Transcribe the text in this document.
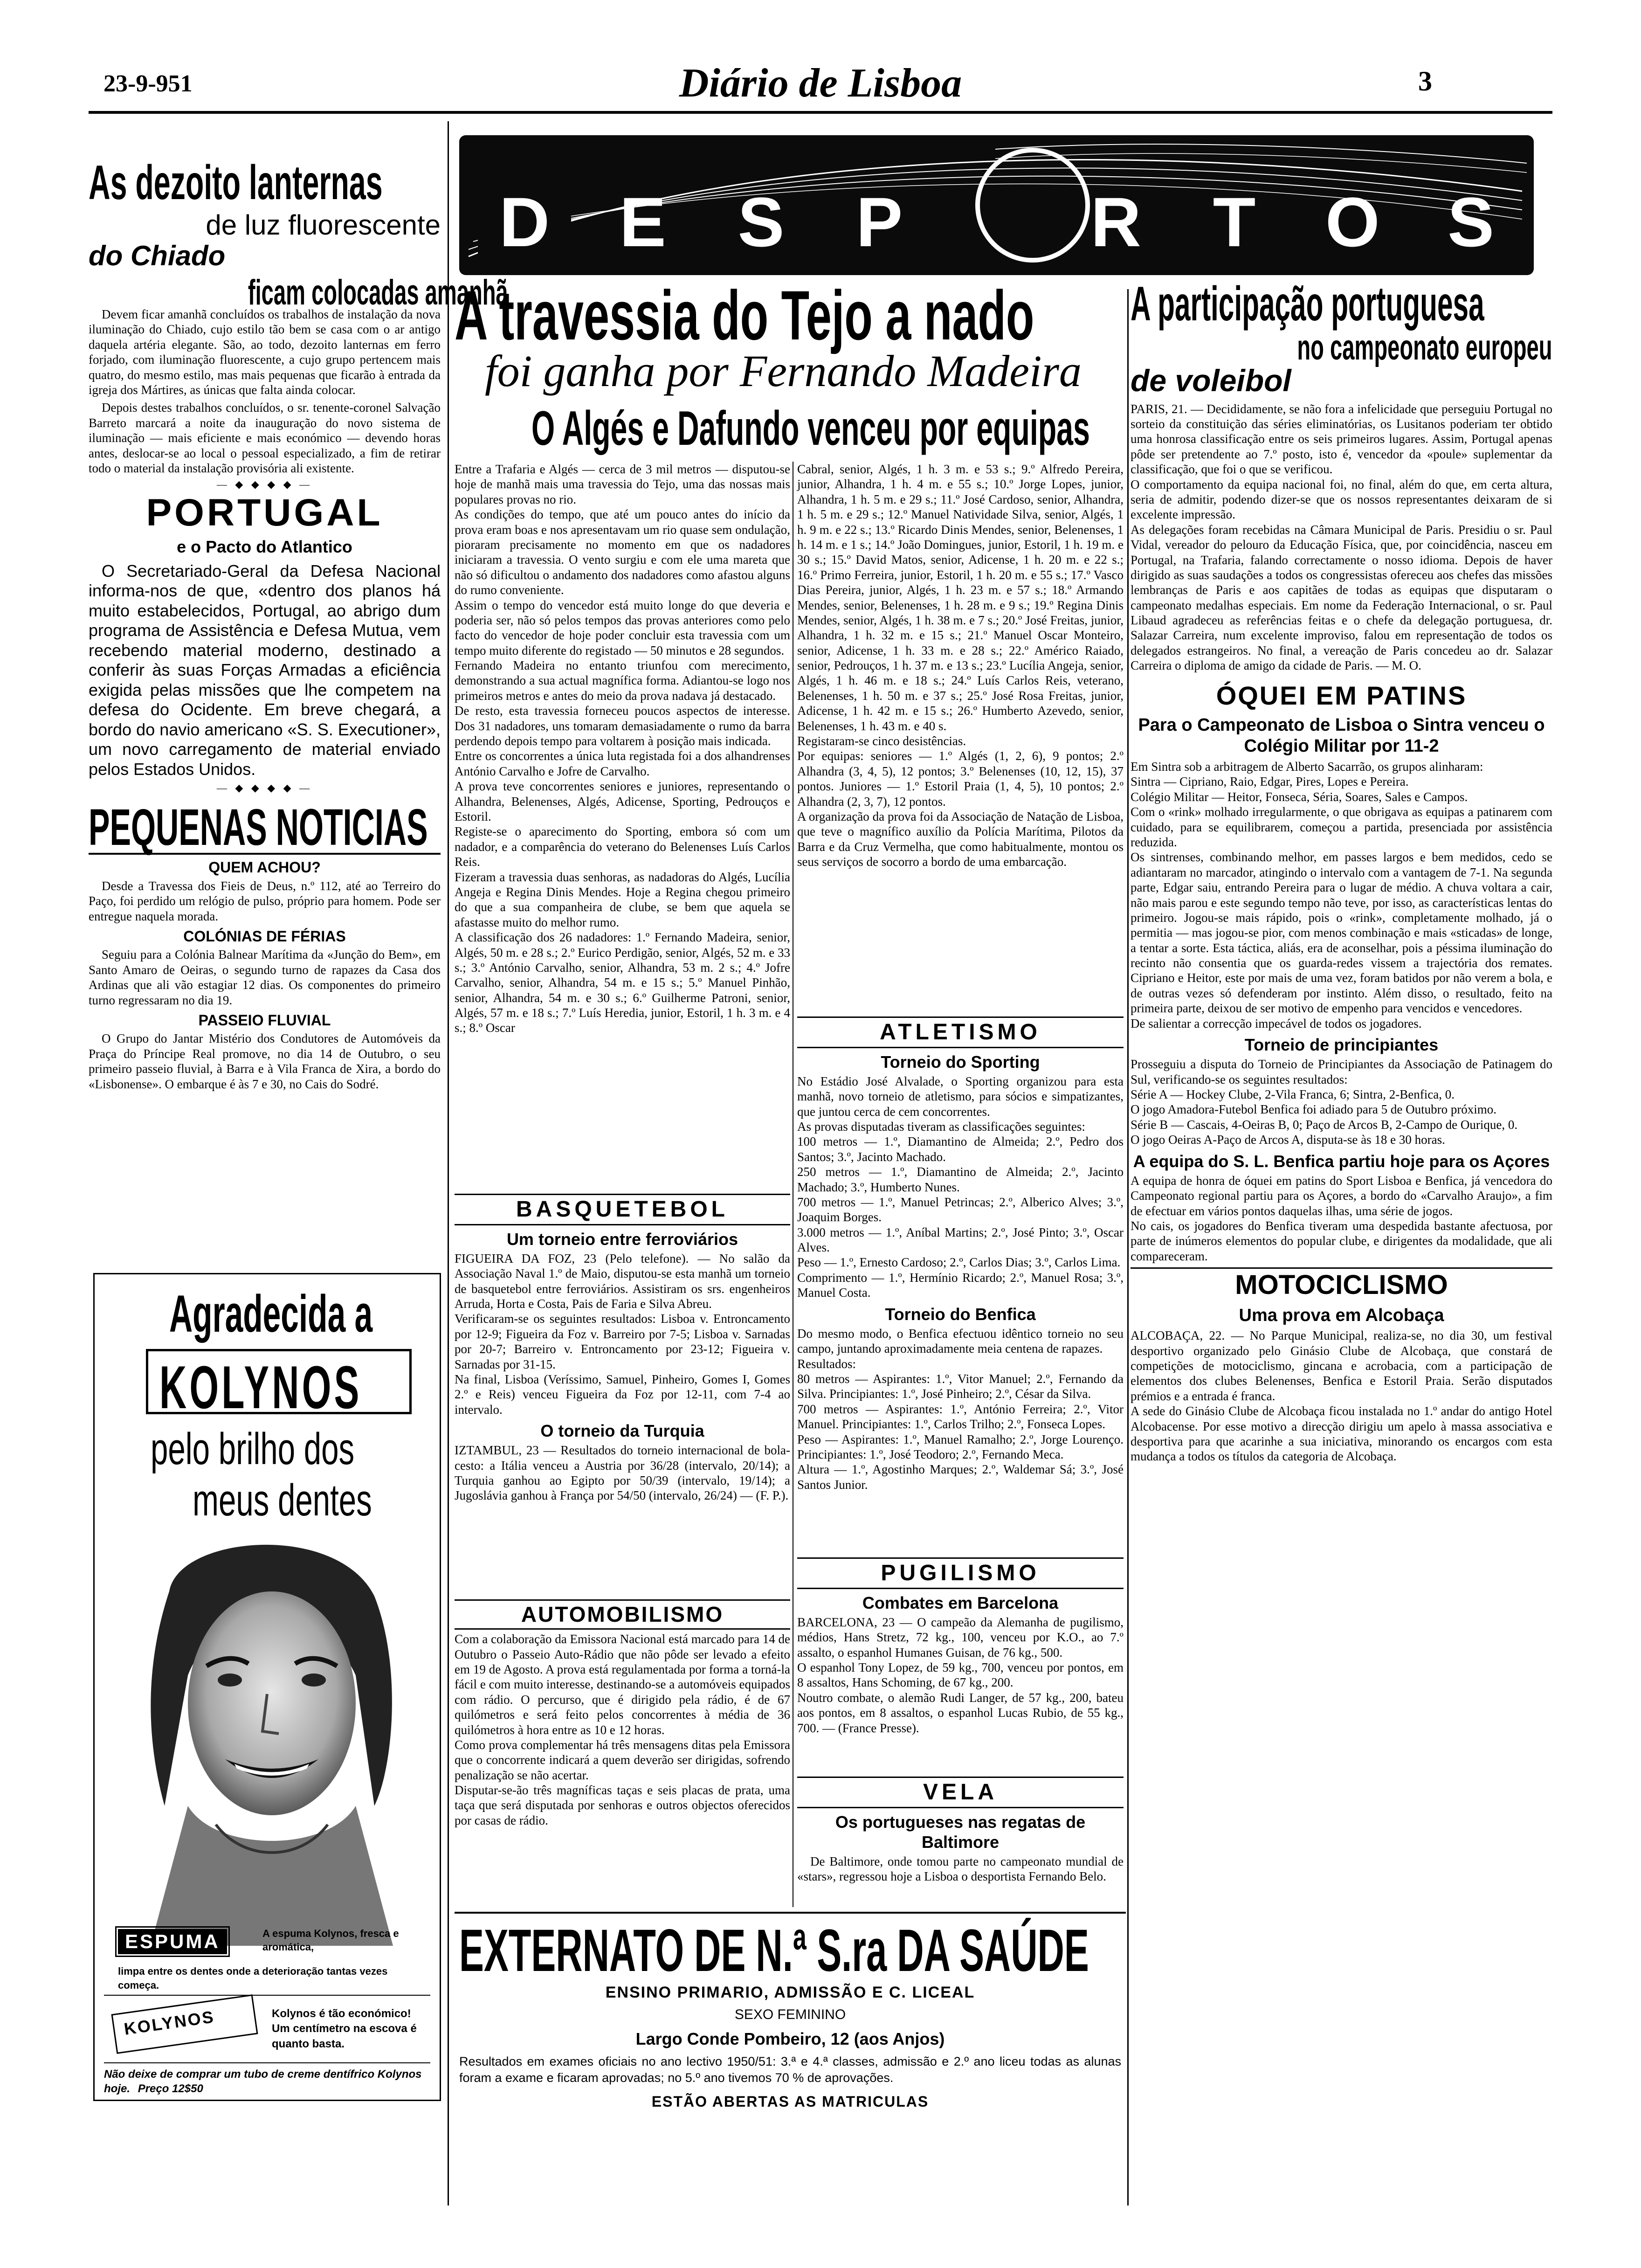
23-9-951	Diário de Lisboa	3
D E	S	P	R	T O S
As dezoito lanternas
de luz fluorescente
do Chiado
ficam colocadas amanhã

Devem ficar amanhã concluídos os trabalhos de instalação da nova iluminação do Chiado, cujo estilo tão bem se casa com o ar antigo daquela artéria elegante. São, ao todo, dezoito lanternas em ferro forjado, com iluminação fluorescente, a cujo grupo pertencem mais quatro, do mesmo estilo, mas mais pequenas que ficarão à entrada da igreja dos Mártires, as únicas que falta ainda colocar.

Depois destes trabalhos concluídos, o sr. tenente-coronel Salvação Barreto marcará a noite da inauguração do novo sistema de iluminação — mais eficiente e mais económico — devendo horas antes, deslocar-se ao local o pessoal especializado, a fim de retirar todo o material da instalação provisória ali existente.

— ◆ ◆ ◆ ◆ —
PORTUGAL
e o Pacto do Atlantico

O Secretariado-Geral da Defesa Nacional informa-nos de que, «dentro dos planos há muito estabelecidos, Portugal, ao abrigo dum programa de Assistência e Defesa Mutua, vem recebendo material moderno, destinado a conferir às suas Forças Armadas a eficiência exigida pelas missões que lhe competem na defesa do Ocidente. Em breve chegará, a bordo do navio americano «S. S. Executioner», um novo carregamento de material enviado pelos Estados Unidos.

— ◆ ◆ ◆ ◆ —
PEQUENAS NOTICIAS
QUEM ACHOU?

Desde a Travessa dos Fieis de Deus, n.º 112, até ao Terreiro do Paço, foi perdido um relógio de pulso, próprio para homem. Pode ser entregue naquela morada.

COLÓNIAS DE FÉRIAS

Seguiu para a Colónia Balnear Marítima da «Junção do Bem», em Santo Amaro de Oeiras, o segundo turno de rapazes da Casa dos Ardinas que ali vão estagiar 12 dias. Os componentes do primeiro turno regressaram no dia 19.

PASSEIO FLUVIAL

O Grupo do Jantar Mistério dos Condutores de Automóveis da Praça do Príncipe Real promove, no dia 14 de Outubro, o seu primeiro passeio fluvial, à Barra e à Vila Franca de Xira, a bordo do «Lisbonense». O embarque é às 7 e 30, no Cais do Sodré.

Agradecida a
KOLYNOS
pelo brilho dos
meus dentes
ESPUMA	A espuma Kolynos, fresca e aromática,
limpa entre os dentes onde a deterioração tantas vezes começa.
KOLYNOS	Kolynos é tão económico! Um centímetro na escova é quanto basta.
Não deixe de comprar um tubo de creme dentífrico Kolynos hoje. Preço 12$50
A travessia do Tejo a nado
foi ganha por Fernando Madeira
O Algés e Dafundo venceu por equipas

Entre a Trafaria e Algés — cerca de 3 mil metros — disputou-se hoje de manhã mais uma travessia do Tejo, uma das nossas mais populares provas no rio.
As condições do tempo, que até um pouco antes do início da prova eram boas e nos apresentavam um rio quase sem ondulação, pioraram precisamente no momento em que os nadadores iniciaram a travessia. O vento surgiu e com ele uma mareta que não só dificultou o andamento dos nadadores como afastou alguns do rumo conveniente.
Assim o tempo do vencedor está muito longe do que deveria e poderia ser, não só pelos tempos das provas anteriores como pelo facto do vencedor de hoje poder concluir esta travessia com um tempo muito diferente do registado — 50 minutos e 28 segundos.
Fernando Madeira no entanto triunfou com merecimento, demonstrando a sua actual magnífica forma. Adiantou-se logo nos primeiros metros e antes do meio da prova nadava já destacado.
De resto, esta travessia forneceu poucos aspectos de interesse. Dos 31 nadadores, uns tomaram demasiadamente o rumo da barra perdendo depois tempo para voltarem à posição mais indicada.
Entre os concorrentes a única luta registada foi a dos alhandrenses António Carvalho e Jofre de Carvalho.
A prova teve concorrentes seniores e juniores, representando o Alhandra, Belenenses, Algés, Adicense, Sporting, Pedrouços e Estoril.
Registe-se o aparecimento do Sporting, embora só com um nadador, e a comparência do veterano do Belenenses Luís Carlos Reis.
Fizeram a travessia duas senhoras, as nadadoras do Algés, Lucília Angeja e Regina Dinis Mendes. Hoje a Regina chegou primeiro do que a sua companheira de clube, se bem que aquela se afastasse muito do melhor rumo.
A classificação dos 26 nadadores: 1.º Fernando Madeira, senior, Algés, 50 m. e 28 s.; 2.º Eurico Perdigão, senior, Algés, 52 m. e 33 s.; 3.º António Carvalho, senior, Alhandra, 53 m. 2 s.; 4.º Jofre Carvalho, senior, Alhandra, 54 m. e 15 s.; 5.º Manuel Pinhão, senior, Alhandra, 54 m. e 30 s.; 6.º Guilherme Patroni, senior, Algés, 57 m. e 18 s.; 7.º Luís Heredia, junior, Estoril, 1 h. 3 m. e 4 s.; 8.º Oscar

Cabral, senior, Algés, 1 h. 3 m. e 53 s.; 9.º Alfredo Pereira, junior, Alhandra, 1 h. 4 m. e 55 s.; 10.º Jorge Lopes, junior, Alhandra, 1 h. 5 m. e 29 s.; 11.º José Cardoso, senior, Alhandra, 1 h. 5 m. e 29 s.; 12.º Manuel Natividade Silva, senior, Algés, 1 h. 9 m. e 22 s.; 13.º Ricardo Dinis Mendes, senior, Belenenses, 1 h. 14 m. e 1 s.; 14.º João Domingues, junior, Estoril, 1 h. 19 m. e 30 s.; 15.º David Matos, senior, Adicense, 1 h. 20 m. e 22 s.; 16.º Primo Ferreira, junior, Estoril, 1 h. 20 m. e 55 s.; 17.º Vasco Dias Pereira, junior, Algés, 1 h. 23 m. e 57 s.; 18.º Armando Mendes, senior, Belenenses, 1 h. 28 m. e 9 s.; 19.º Regina Dinis Mendes, senior, Algés, 1 h. 38 m. e 7 s.; 20.º José Freitas, junior, Alhandra, 1 h. 32 m. e 15 s.; 21.º Manuel Oscar Monteiro, senior, Adicense, 1 h. 33 m. e 28 s.; 22.º Américo Raiado, senior, Pedrouços, 1 h. 37 m. e 13 s.; 23.º Lucília Angeja, senior, Algés, 1 h. 46 m. e 18 s.; 24.º Luís Carlos Reis, veterano, Belenenses, 1 h. 50 m. e 37 s.; 25.º José Rosa Freitas, junior, Adicense, 1 h. 42 m. e 15 s.; 26.º Humberto Azevedo, senior, Belenenses, 1 h. 43 m. e 40 s.
Registaram-se cinco desistências.
Por equipas: seniores — 1.º Algés (1, 2, 6), 9 pontos; 2.º Alhandra (3, 4, 5), 12 pontos; 3.º Belenenses (10, 12, 15), 37 pontos. Juniores — 1.º Estoril Praia (1, 4, 5), 10 pontos; 2.º Alhandra (2, 3, 7), 12 pontos.
A organização da prova foi da Associação de Natação de Lisboa, que teve o magnífico auxílio da Polícia Marítima, Pilotos da Barra e da Cruz Vermelha, que como habitualmente, montou os seus serviços de socorro a bordo de uma embarcação.

BASQUETEBOL
Um torneio entre ferroviários

FIGUEIRA DA FOZ, 23 (Pelo telefone). — No salão da Associação Naval 1.º de Maio, disputou-se esta manhã um torneio de basquetebol entre ferroviários. Assistiram os srs. engenheiros Arruda, Horta e Costa, Pais de Faria e Silva Abreu.
Verificaram-se os seguintes resultados: Lisboa v. Entroncamento por 12-9; Figueira da Foz v. Barreiro por 7-5; Lisboa v. Sarnadas por 20-7; Barreiro v. Entroncamento por 23-12; Figueira v. Sarnadas por 31-15.
Na final, Lisboa (Veríssimo, Samuel, Pinheiro, Gomes I, Gomes 2.º e Reis) venceu Figueira da Foz por 12-11, com 7-4 ao intervalo.

O torneio da Turquia

IZTAMBUL, 23 — Resultados do torneio internacional de bola-cesto: a Itália venceu a Austria por 36/28 (intervalo, 20/14); a Turquia ganhou ao Egipto por 50/39 (intervalo, 19/14); a Jugoslávia ganhou à França por 54/50 (intervalo, 26/24) — (F. P.).

AUTOMOBILISMO

Com a colaboração da Emissora Nacional está marcado para 14 de Outubro o Passeio Auto-Rádio que não pôde ser levado a efeito em 19 de Agosto. A prova está regulamentada por forma a torná-la fácil e com muito interesse, destinando-se a automóveis equipados com rádio. O percurso, que é dirigido pela rádio, é de 67 quilómetros e será feito pelos concorrentes à média de 36 quilómetros à hora entre as 10 e 12 horas.
Como prova complementar há três mensagens ditas pela Emissora que o concorrente indicará a quem deverão ser dirigidas, sofrendo penalização se não acertar.
Disputar-se-ão três magníficas taças e seis placas de prata, uma taça que será disputada por senhoras e outros objectos oferecidos por casas de rádio.

ATLETISMO
Torneio do Sporting

No Estádio José Alvalade, o Sporting organizou para esta manhã, novo torneio de atletismo, para sócios e simpatizantes, que juntou cerca de cem concorrentes.
As provas disputadas tiveram as classificações seguintes:
100 metros — 1.º, Diamantino de Almeida; 2.º, Pedro dos Santos; 3.º, Jacinto Machado.
250 metros — 1.º, Diamantino de Almeida; 2.º, Jacinto Machado; 3.º, Humberto Nunes.
700 metros — 1.º, Manuel Petrincas; 2.º, Alberico Alves; 3.º, Joaquim Borges.
3.000 metros — 1.º, Aníbal Martins; 2.º, José Pinto; 3.º, Oscar Alves.
Peso — 1.º, Ernesto Cardoso; 2.º, Carlos Dias; 3.º, Carlos Lima.
Comprimento — 1.º, Hermínio Ricardo; 2.º, Manuel Rosa; 3.º, Manuel Costa.

Torneio do Benfica

Do mesmo modo, o Benfica efectuou idêntico torneio no seu campo, juntando aproximadamente meia centena de rapazes.
Resultados:
80 metros — Aspirantes: 1.º, Vitor Manuel; 2.º, Fernando da Silva. Principiantes: 1.º, José Pinheiro; 2.º, César da Silva.
700 metros — Aspirantes: 1.º, António Ferreira; 2.º, Vitor Manuel. Principiantes: 1.º, Carlos Trilho; 2.º, Fonseca Lopes.
Peso — Aspirantes: 1.º, Manuel Ramalho; 2.º, Jorge Lourenço. Principiantes: 1.º, José Teodoro; 2.º, Fernando Meca.
Altura — 1.º, Agostinho Marques; 2.º, Waldemar Sá; 3.º, José Santos Junior.

PUGILISMO
Combates em Barcelona

BARCELONA, 23 — O campeão da Alemanha de pugilismo, médios, Hans Stretz, 72 kg., 100, venceu por K.O., ao 7.º assalto, o espanhol Humanes Guisan, de 76 kg., 500.
O espanhol Tony Lopez, de 59 kg., 700, venceu por pontos, em 8 assaltos, Hans Schoming, de 67 kg., 200.
Noutro combate, o alemão Rudi Langer, de 57 kg., 200, bateu aos pontos, em 8 assaltos, o espanhol Lucas Rubio, de 55 kg., 700. — (France Presse).

VELA
Os portugueses nas regatas de Baltimore

De Baltimore, onde tomou parte no campeonato mundial de «stars», regressou hoje a Lisboa o desportista Fernando Belo.

EXTERNATO DE N.ª S.ra DA SAÚDE
ENSINO PRIMARIO, ADMISSÃO E C. LICEAL
SEXO FEMININO
Largo Conde Pombeiro, 12 (aos Anjos)
Resultados em exames oficiais no ano lectivo 1950/51: 3.ª e 4.ª classes, admissão e 2.º ano liceu todas as alunas foram a exame e ficaram aprovadas; no 5.º ano tivemos 70 % de aprovações.
ESTÃO ABERTAS AS MATRICULAS
A participação portuguesa
no campeonato europeu
de voleibol

PARIS, 21. — Decididamente, se não fora a infelicidade que perseguiu Portugal no sorteio da constituição das séries eliminatórias, os Lusitanos poderiam ter obtido uma honrosa classificação entre os seis primeiros lugares. Assim, Portugal apenas pôde ser pretendente ao 7.º posto, isto é, vencedor da «poule» suplementar da classificação, que foi o que se verificou.
O comportamento da equipa nacional foi, no final, além do que, em certa altura, seria de admitir, podendo dizer-se que os nossos representantes deixaram de si excelente impressão.
As delegações foram recebidas na Câmara Municipal de Paris. Presidiu o sr. Paul Vidal, vereador do pelouro da Educação Física, que, por coincidência, nasceu em Portugal, na Trafaria, falando correctamente o nosso idioma. Depois de haver dirigido as suas saudações a todos os congressistas ofereceu aos chefes das missões lembranças de Paris e aos capitães de todas as equipas que disputaram o campeonato medalhas especiais. Em nome da Federação Internacional, o sr. Paul Libaud agradeceu as referências feitas e o chefe da delegação portuguesa, dr. Salazar Carreira, num excelente improviso, falou em representação de todos os delegados estrangeiros. No final, a vereação de Paris concedeu ao dr. Salazar Carreira o diploma de amigo da cidade de Paris. — M. O.

ÓQUEI EM PATINS
Para o Campeonato de Lisboa o Sintra venceu o Colégio Militar por 11-2

Em Sintra sob a arbitragem de Alberto Sacarrão, os grupos alinharam:
Sintra — Cipriano, Raio, Edgar, Pires, Lopes e Pereira.
Colégio Militar — Heitor, Fonseca, Séria, Soares, Sales e Campos.
Com o «rink» molhado irregularmente, o que obrigava as equipas a patinarem com cuidado, para se equilibrarem, começou a partida, presenciada por assistência reduzida.
Os sintrenses, combinando melhor, em passes largos e bem medidos, cedo se adiantaram no marcador, atingindo o intervalo com a vantagem de 7-1. Na segunda parte, Edgar saiu, entrando Pereira para o lugar de médio. A chuva voltara a cair, não mais parou e este segundo tempo não teve, por isso, as características lentas do primeiro. Jogou-se mais rápido, pois o «rink», completamente molhado, já o permitia — mas jogou-se pior, com menos combinação e mais «sticadas» de longe, a tentar a sorte. Esta táctica, aliás, era de aconselhar, pois a péssima iluminação do recinto não consentia que os guarda-redes vissem a trajectória dos remates. Cipriano e Heitor, este por mais de uma vez, foram batidos por não verem a bola, e de outras vezes só defenderam por instinto. Além disso, o resultado, feito na primeira parte, deixou de ser motivo de empenho para vencidos e vencedores.
De salientar a correcção impecável de todos os jogadores.

Torneio de principiantes

Prosseguiu a disputa do Torneio de Principiantes da Associação de Patinagem do Sul, verificando-se os seguintes resultados:
Série A — Hockey Clube, 2-Vila Franca, 6; Sintra, 2-Benfica, 0.
O jogo Amadora-Futebol Benfica foi adiado para 5 de Outubro próximo.
Série B — Cascais, 4-Oeiras B, 0; Paço de Arcos B, 2-Campo de Ourique, 0.
O jogo Oeiras A-Paço de Arcos A, disputa-se às 18 e 30 horas.

A equipa do S. L. Benfica partiu hoje para os Açores

A equipa de honra de óquei em patins do Sport Lisboa e Benfica, já vencedora do Campeonato regional partiu para os Açores, a bordo do «Carvalho Araujo», a fim de efectuar em vários pontos daquelas ilhas, uma série de jogos.
No cais, os jogadores do Benfica tiveram uma despedida bastante afectuosa, por parte de inúmeros elementos do popular clube, e dirigentes da modalidade, que ali compareceram.

MOTOCICLISMO
Uma prova em Alcobaça

ALCOBAÇA, 22. — No Parque Municipal, realiza-se, no dia 30, um festival desportivo organizado pelo Ginásio Clube de Alcobaça, que constará de competições de motociclismo, gincana e acrobacia, com a participação de elementos dos clubes Belenenses, Benfica e Estoril Praia. Serão disputados prémios e a entrada é franca.
A sede do Ginásio Clube de Alcobaça ficou instalada no 1.º andar do antigo Hotel Alcobacense. Por esse motivo a direcção dirigiu um apelo à massa associativa e desportiva para que acarinhe a sua iniciativa, minorando os encargos com esta mudança a todos os títulos da categoria de Alcobaça.
